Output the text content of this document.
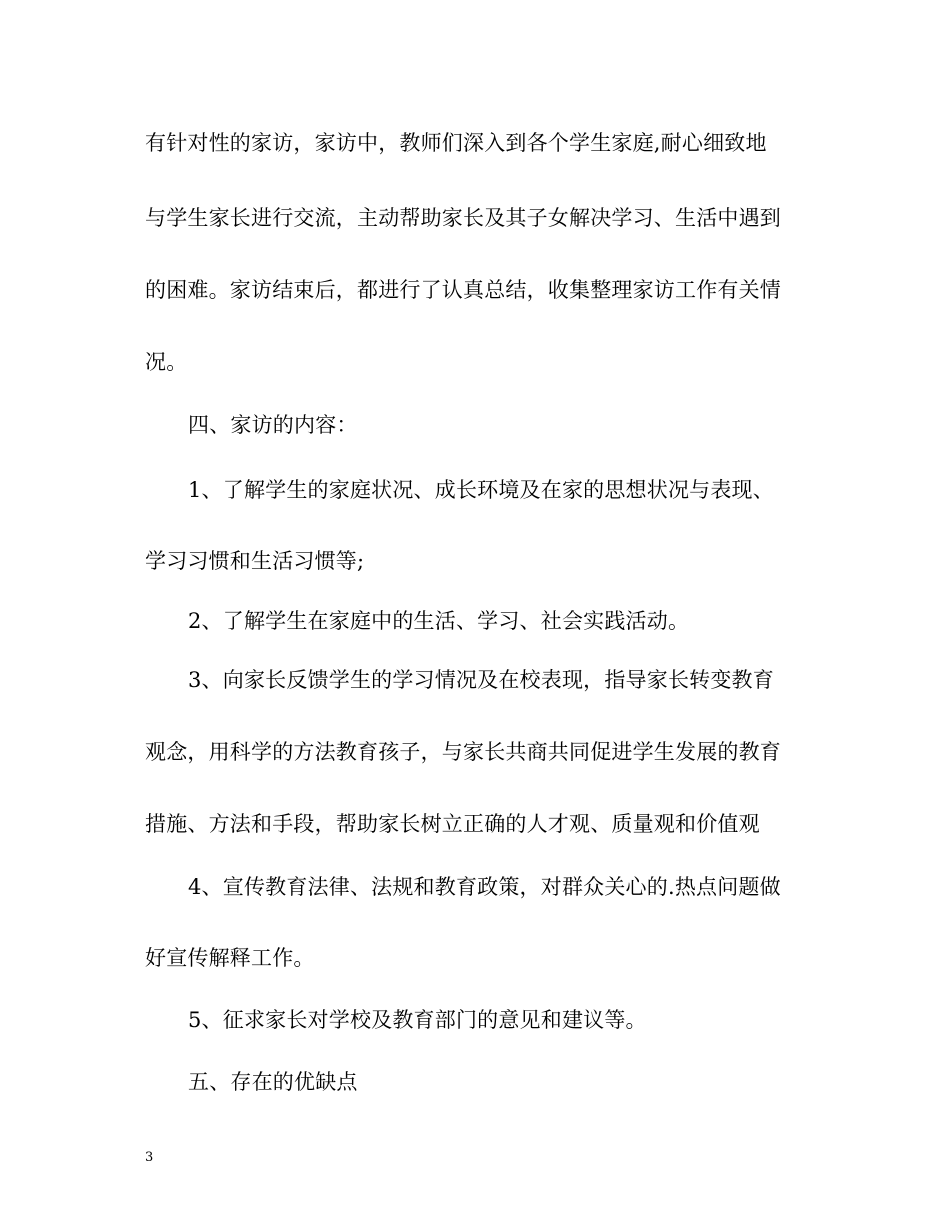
有针对性的家访，家访中，教师们深入到各个学生家庭,耐心细致地
与学生家长进行交流，主动帮助家长及其子女解决学习、生活中遇到
的困难。家访结束后，都进行了认真总结，收集整理家访工作有关情
况。
四、家访的内容：
1、了解学生的家庭状况、成长环境及在家的思想状况与表现、
学习习惯和生活习惯等;
2、了解学生在家庭中的生活、学习、社会实践活动。
3、向家长反馈学生的学习情况及在校表现，指导家长转变教育
观念，用科学的方法教育孩子，与家长共商共同促进学生发展的教育
措施、方法和手段，帮助家长树立正确的人才观、质量观和价值观
4、宣传教育法律、法规和教育政策，对群众关心的.热点问题做
好宣传解释工作。
5、征求家长对学校及教育部门的意见和建议等。
五、存在的优缺点
3
